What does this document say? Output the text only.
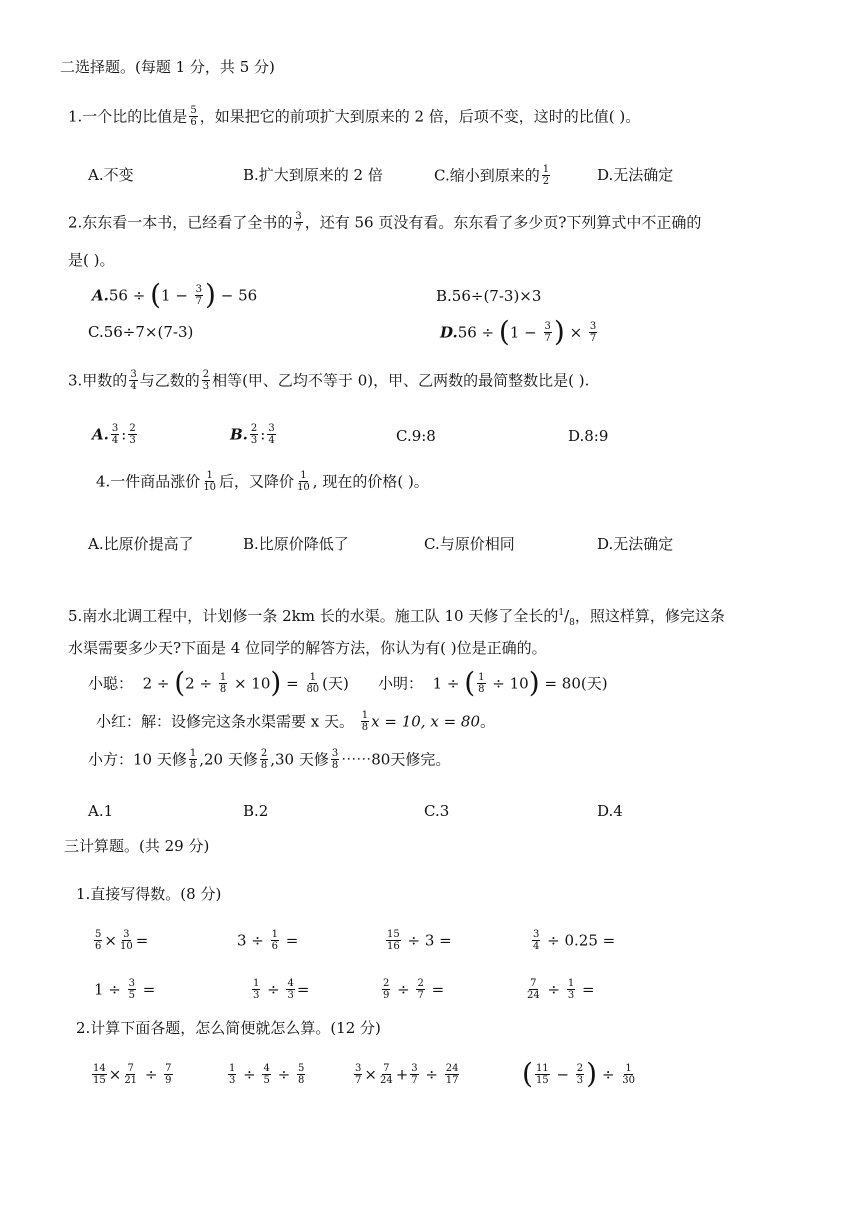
二选择题。(每题 1 分，共 5 分)
1.一个比的比值是 $\frac{5}{6}$ ，如果把它的前项扩大到原来的 2 倍，后项不变，这时的比值( )。
A.不变	B.扩大到原来的 2 倍	C.缩小到原来的 $\frac{1}{2}$	D.无法确定
2.东东看一本书，已经看了全书的 $\frac{3}{7}$ ，还有 56 页没有看。东东看了多少页?下列算式中不正确的
是( )。
$A.56 \div (1 - \frac{3}{7}$ ) − 56	B.56÷(7-3)×3
C.56÷7×(7-3)	$D.56 \div (1 - \frac{3}{7}$ ) × $\frac{3}{7}$
3.甲数的 $\frac{3}{4}$ 与乙数的 $\frac{2}{3}$ 相等(甲、乙均不等于 0)，甲、乙两数的最简整数比是( ).
A. $\frac{3}{4}$ : $\frac{2}{3}$	B. $\frac{2}{3}$ : $\frac{3}{4}$	C.9:8	D.8:9
4.一件商品涨价 $\frac{1}{10}$ 后，又降价 $\frac{1}{10}$ , 现在的价格( )。
A.比原价提高了	B.比原价降低了	C.与原价相同	D.无法确定
5.南水北调工程中，计划修一条 2km 长的水渠。施工队 10 天修了全长的$^1/_8$，照这样算，修完这条
水渠需要多少天?下面是 4 位同学的解答方法，你认为有( )位是正确的。
小聪： $2 \div (2 \div \frac{1}{8} \times 10) = \frac{1}{80}$ (天) 小明： 1 ÷ ( $\frac{1}{8} \div 10) = 80$(天)
小红：解：设修完这条水渠需要 x 天。 $\frac{1}{8}$ x = 10, x = 80。
小方：10 天修 $\frac{1}{8} ,20$ 天修 $\frac{2}{8} ,30$ 天修 $\frac{3}{8}$ ⋯⋯80天修完。
A.1	B.2	C.3	D.4
三计算题。(共 29 分)
1.直接写得数。(8 分)
$\frac{5}{6} \times \frac{3}{10}$ =	$3 \div \frac{1}{6}$ =	$\frac{15}{16} \div 3$ =	$\frac{3}{4} \div 0.25$ =
$1 \div \frac{3}{5}$ =	$\frac{1}{3} \div \frac{4}{3}$ =	$\frac{2}{9} \div \frac{2}{7}$ =	$\frac{7}{24} \div \frac{1}{3}$ =
2.计算下面各题，怎么简便就怎么算。(12 分)
$\frac{14}{15} \times \frac{7}{21} \div \frac{7}{9}$	$\frac{1}{3} \div \frac{4}{5} \div \frac{5}{8}$	$\frac{3}{7} \times \frac{7}{24} + \frac{3}{7} \div \frac{24}{17}$ ( $\frac{11}{15} - \frac{2}{3}$ ) ÷ $\frac{1}{30}$
